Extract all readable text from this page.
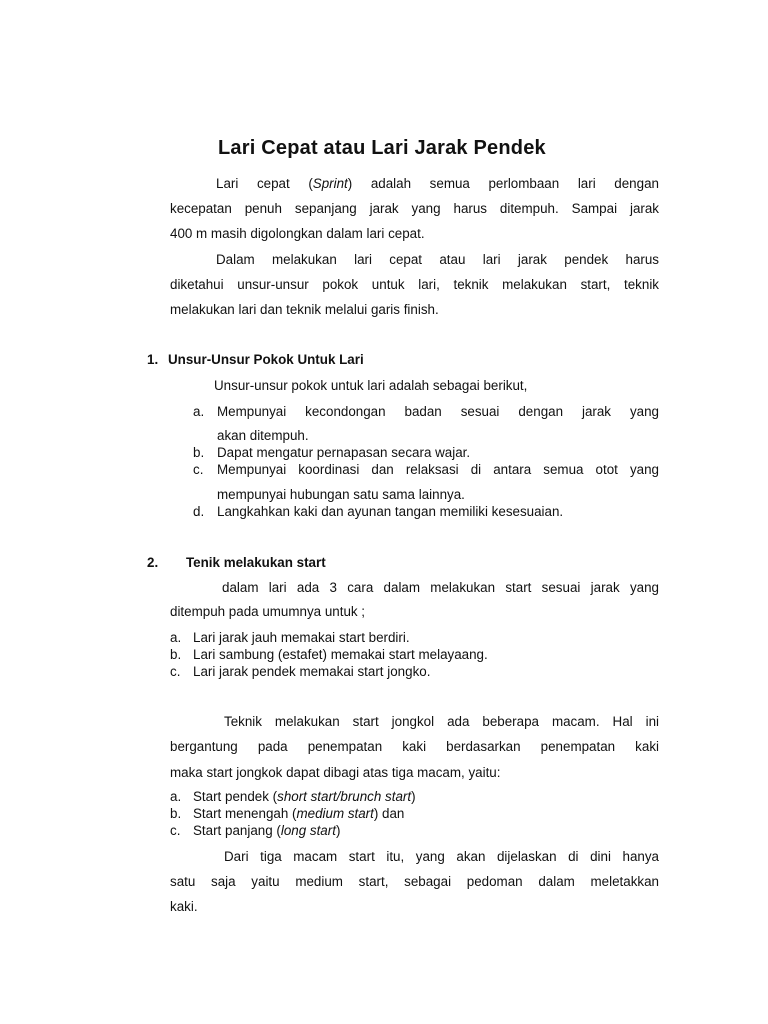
Lari Cepat atau Lari Jarak Pendek

Lari cepat (Sprint) adalah semua perlombaan lari dengan

kecepatan penuh sepanjang jarak yang harus ditempuh. Sampai jarak

400 m masih digolongkan dalam lari cepat.

Dalam melakukan lari cepat atau lari jarak pendek harus

diketahui unsur-unsur pokok untuk lari, teknik melakukan start, teknik

melakukan lari dan teknik melalui garis finish.

1. Unsur-Unsur Pokok Untuk Lari

Unsur-unsur pokok untuk lari adalah sebagai berikut,

a. Mempunyai kecondongan badan sesuai dengan jarak yang

akan ditempuh.

b. Dapat mengatur pernapasan secara wajar.

c. Mempunyai koordinasi dan relaksasi di antara semua otot yang

mempunyai hubungan satu sama lainnya.

d. Langkahkan kaki dan ayunan tangan memiliki kesesuaian.

2. Tenik melakukan start

dalam lari ada 3 cara dalam melakukan start sesuai jarak yang

ditempuh pada umumnya untuk ;

a. Lari jarak jauh memakai start berdiri.

b. Lari sambung (estafet) memakai start melayaang.

c. Lari jarak pendek memakai start jongko.

Teknik melakukan start jongkol ada beberapa macam. Hal ini

bergantung pada penempatan kaki berdasarkan penempatan kaki

maka start jongkok dapat dibagi atas tiga macam, yaitu:

a. Start pendek (short start/brunch start)

b. Start menengah (medium start) dan

c. Start panjang (long start)

Dari tiga macam start itu, yang akan dijelaskan di dini hanya

satu saja yaitu medium start, sebagai pedoman dalam meletakkan

kaki.
